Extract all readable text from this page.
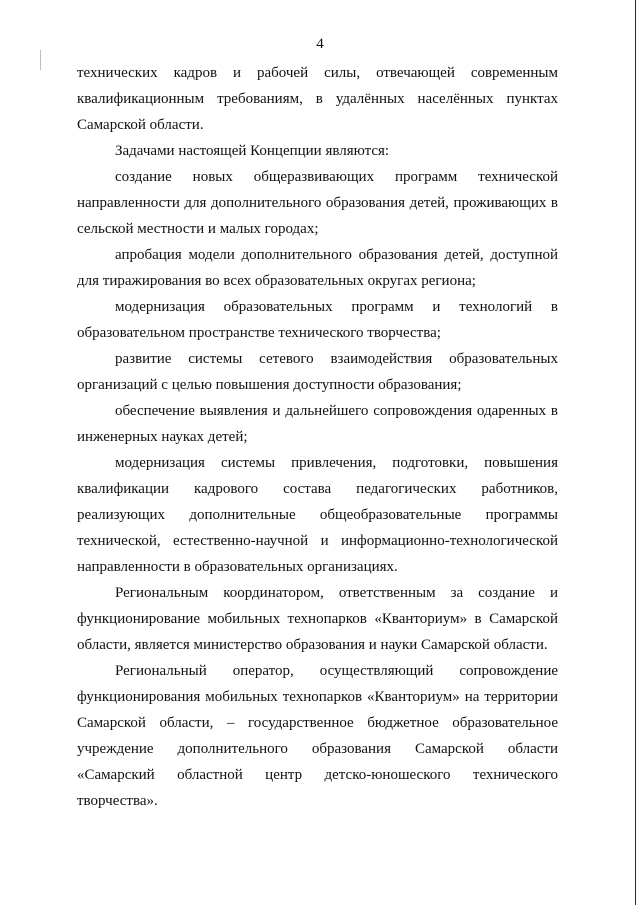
4

технических кадров и рабочей силы, отвечающей современным квалификационным требованиям, в удалённых населённых пунктах Самарской области.

Задачами настоящей Концепции являются:

создание новых общеразвивающих программ технической направленности для дополнительного образования детей, проживающих в сельской местности и малых городах;

апробация модели дополнительного образования детей, доступной для тиражирования во всех образовательных округах региона;

модернизация образовательных программ и технологий в образовательном пространстве технического творчества;

развитие системы сетевого взаимодействия образовательных организаций с целью повышения доступности образования;

обеспечение выявления и дальнейшего сопровождения одаренных в инженерных науках детей;

модернизация системы привлечения, подготовки, повышения квалификации кадрового состава педагогических работников, реализующих дополнительные общеобразовательные программы технической, естественно-научной и информационно-технологической направленности в образовательных организациях.

Региональным координатором, ответственным за создание и функционирование мобильных технопарков «Кванториум» в Самарской области, является министерство образования и науки Самарской области.

Региональный оператор, осуществляющий сопровождение функционирования мобильных технопарков «Кванториум» на территории Самарской области, – государственное бюджетное образовательное учреждение дополнительного образования Самарской области «Самарский областной центр детско-юношеского технического творчества».
